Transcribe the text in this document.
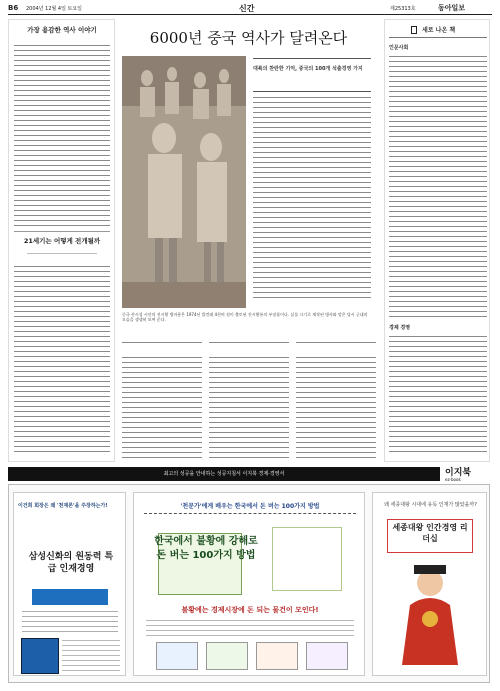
B6 2004년 12월 4일 토요일	신간	제25313호	동아일보
가장 용감한 역사 이야기
21세기는 어떻게 전개될까
6000년 중국 역사가 달려온다
대륙의 찬란한 기억, 중국의 100개 석출경영 가지
중국 산시성 시안의 진시황 병마용은 1974년 발견돼 4천여 점이 출토된 진시황릉의 부장품이다. 실물 크기로 제작된 병사와 말은 당시 군대의 모습을 생생히 보여 준다.
새로 나온 책
인문사회
경제 경영
최고의 성공을 안내하는 성공지침서 이지북 경제·경영서	이지북
ez-book
이건희 회장은 왜 '천재론'을 주장하는가!
삼성신화의 원동력 특급 인재경영
'천문가'에게 배우는 한국에서 돈 버는 100가지 방법
한국에서 불황에 강해로 돈 버는 100가지 방법
불황에는 경제시장에 돈 되는 물건이 모인다!
왜 세종대왕 시대에 유독 인재가 많았을까?
세종대왕 인간경영 리더십
